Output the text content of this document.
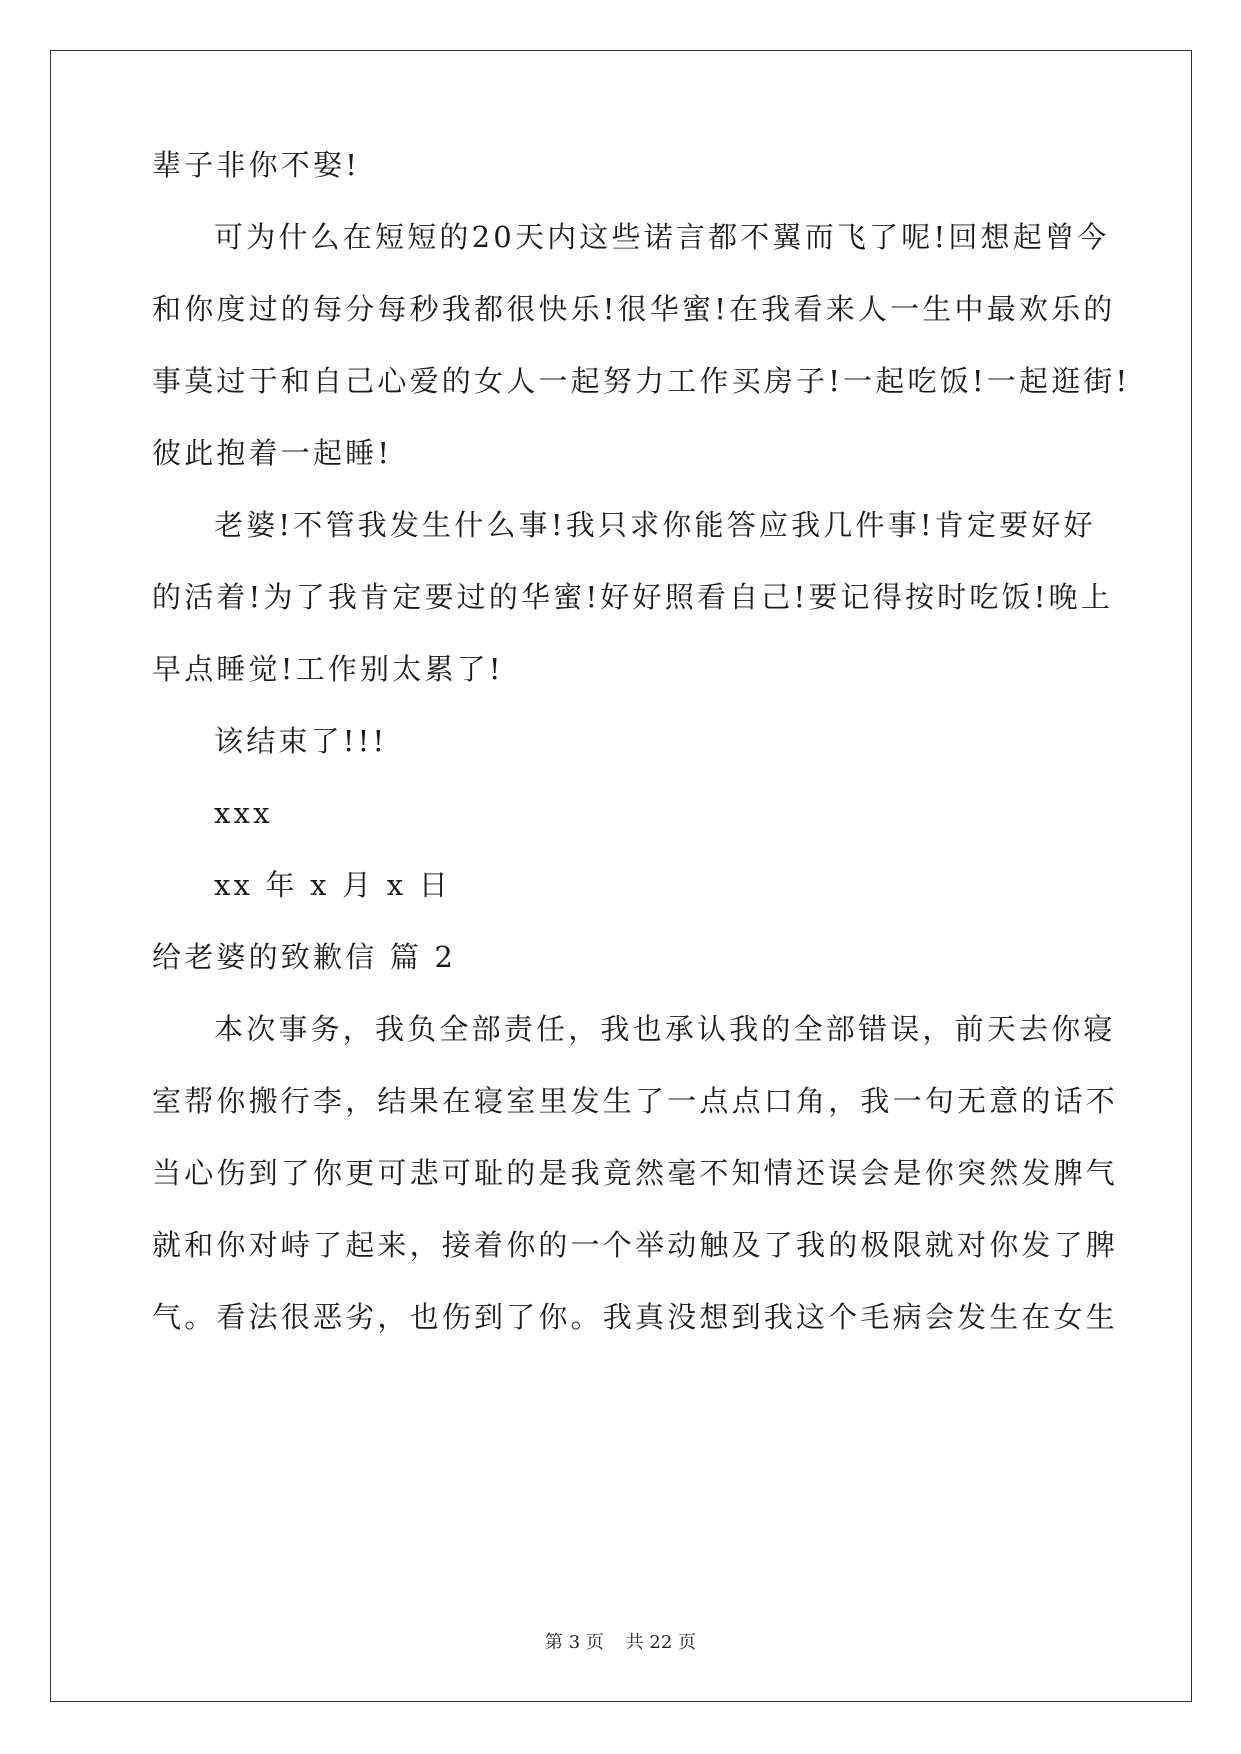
辈子非你不娶!
可为什么在短短的20天内这些诺言都不翼而飞了呢!回想起曾今
和你度过的每分每秒我都很快乐!很华蜜!在我看来人一生中最欢乐的
事莫过于和自己心爱的女人一起努力工作买房子!一起吃饭!一起逛街!
彼此抱着一起睡!
老婆!不管我发生什么事!我只求你能答应我几件事!肯定要好好
的活着!为了我肯定要过的华蜜!好好照看自己!要记得按时吃饭!晚上
早点睡觉!工作别太累了!
该结束了!!!
xxx
xx 年 x 月 x 日
给老婆的致歉信 篇 2
本次事务，我负全部责任，我也承认我的全部错误，前天去你寝
室帮你搬行李，结果在寝室里发生了一点点口角，我一句无意的话不
当心伤到了你更可悲可耻的是我竟然毫不知情还误会是你突然发脾气
就和你对峙了起来，接着你的一个举动触及了我的极限就对你发了脾
气。看法很恶劣，也伤到了你。我真没想到我这个毛病会发生在女生
第 3 页 共 22 页
